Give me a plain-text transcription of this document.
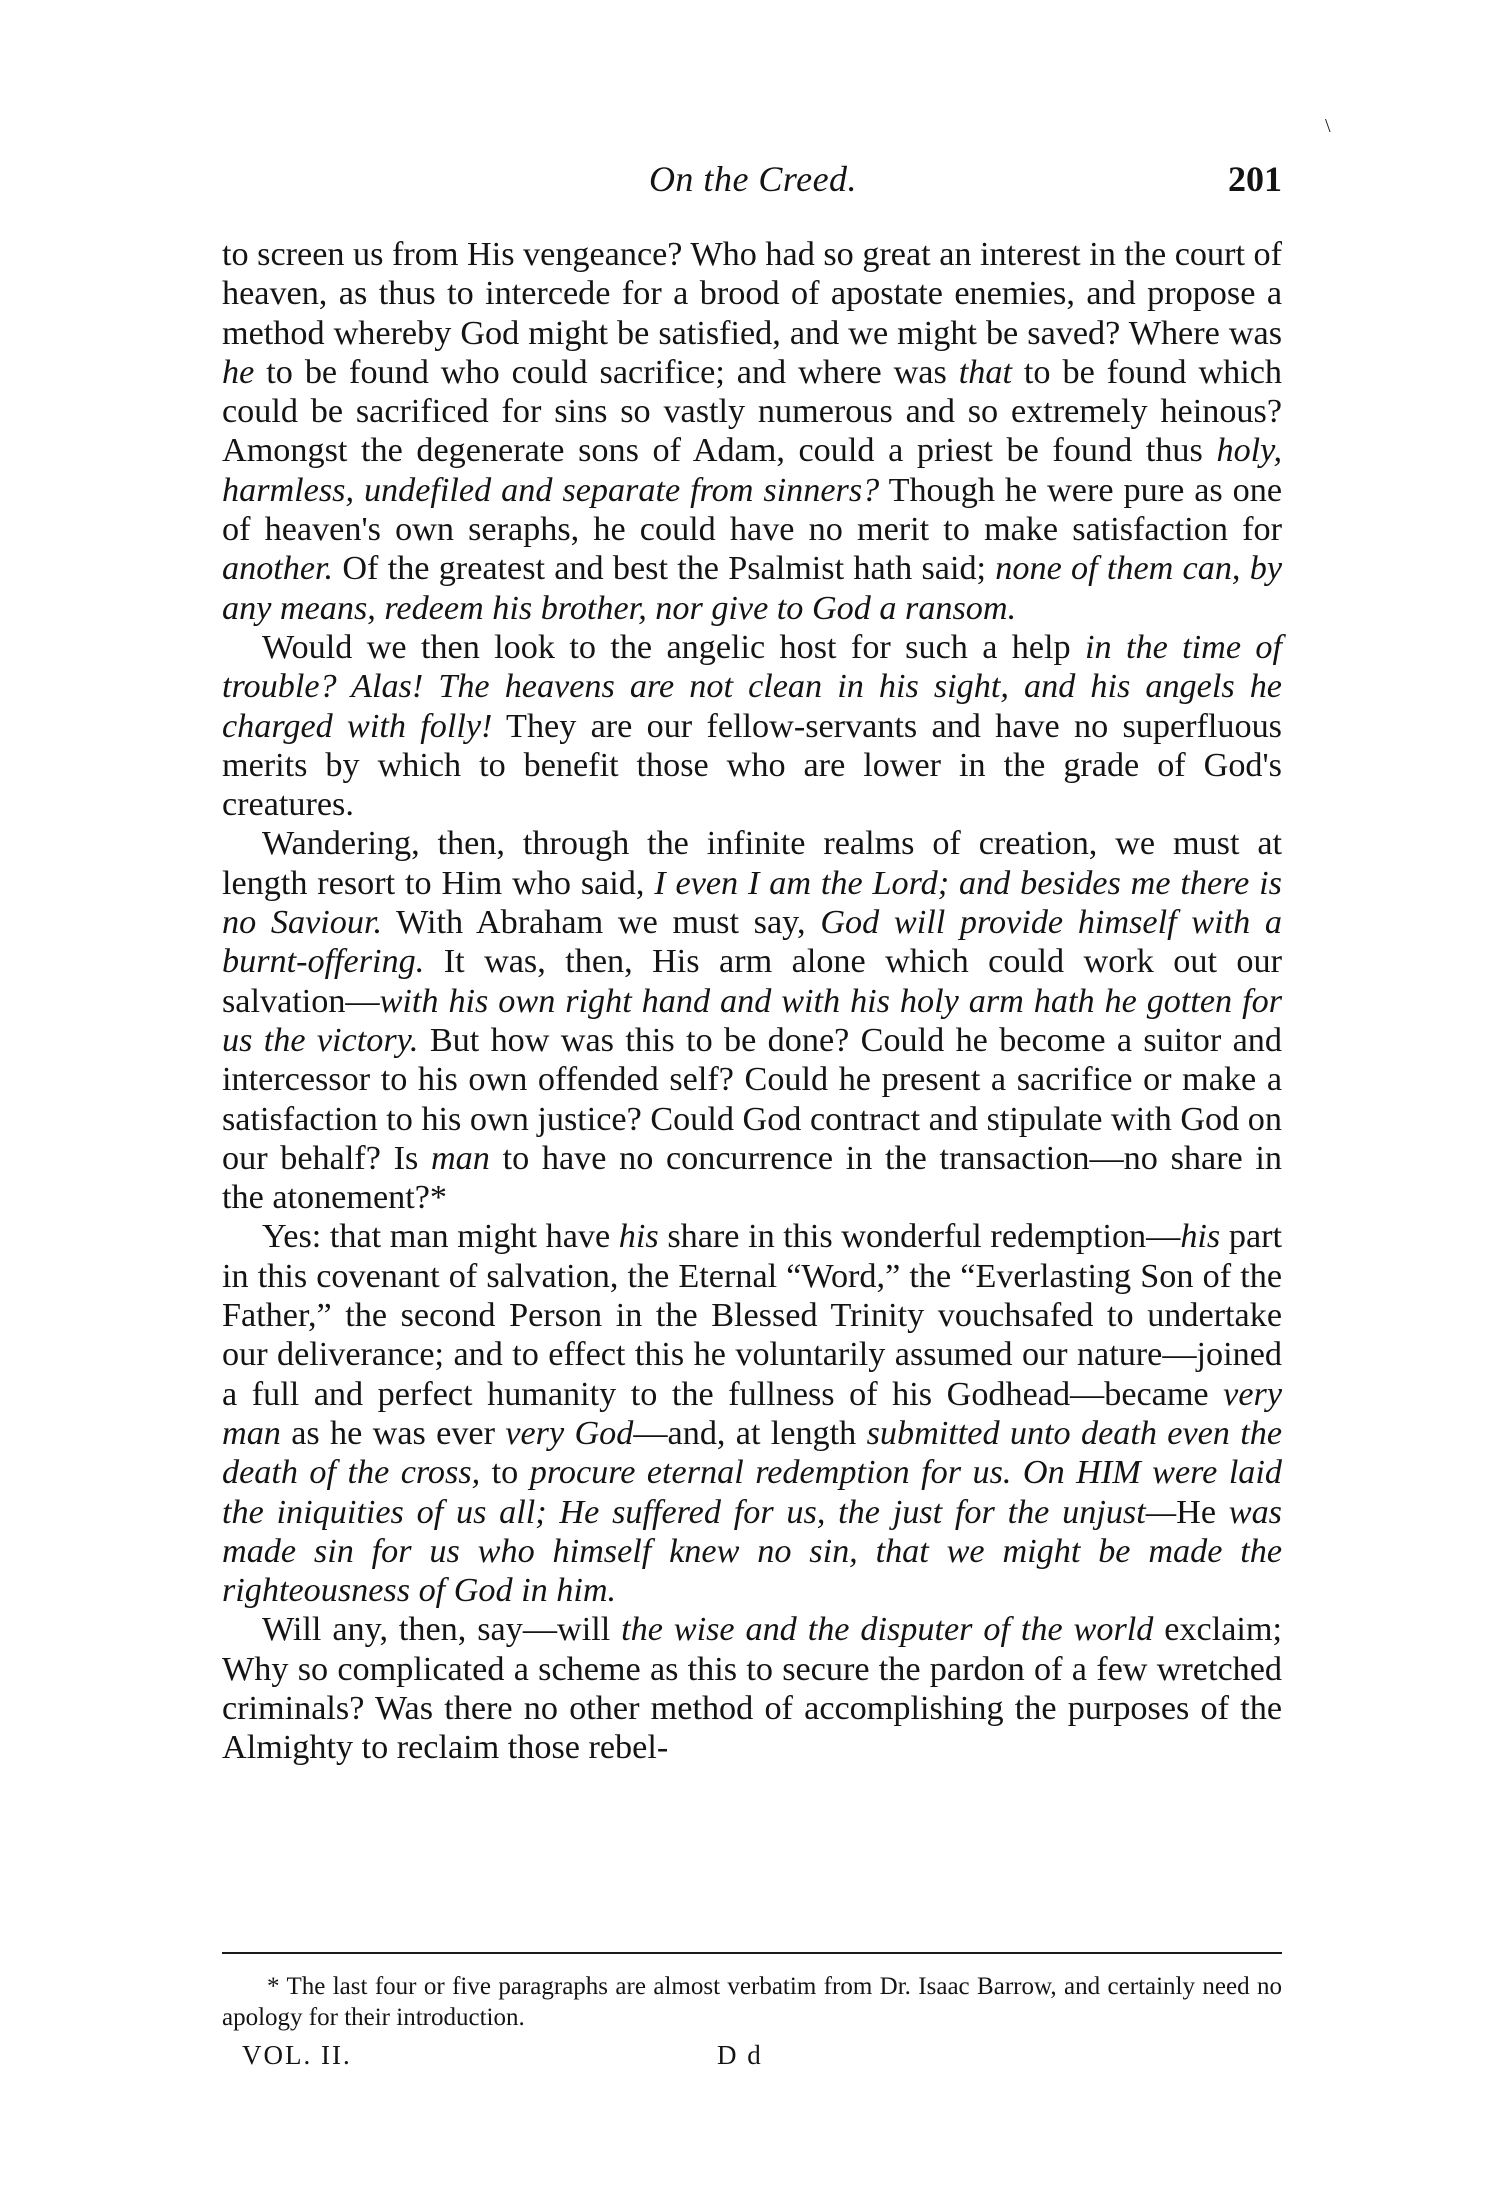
\
On the Creed.	201

to screen us from His vengeance? Who had so great an interest in the court of heaven, as thus to intercede for a brood of apostate enemies, and propose a method whereby God might be satisfied, and we might be saved? Where was he to be found who could sacrifice; and where was that to be found which could be sacrificed for sins so vastly numerous and so extremely heinous? Amongst the degenerate sons of Adam, could a priest be found thus holy, harmless, undefiled and separate from sinners? Though he were pure as one of heaven's own seraphs, he could have no merit to make satisfaction for another. Of the greatest and best the Psalmist hath said; none of them can, by any means, redeem his brother, nor give to God a ransom.

Would we then look to the angelic host for such a help in the time of trouble? Alas! The heavens are not clean in his sight, and his angels he charged with folly! They are our fellow-servants and have no superfluous merits by which to benefit those who are lower in the grade of God's creatures.

Wandering, then, through the infinite realms of creation, we must at length resort to Him who said, I even I am the Lord; and besides me there is no Saviour. With Abraham we must say, God will provide himself with a burnt-offering. It was, then, His arm alone which could work out our salvation—with his own right hand and with his holy arm hath he gotten for us the victory. But how was this to be done? Could he become a suitor and intercessor to his own offended self? Could he present a sacrifice or make a satisfaction to his own justice? Could God contract and stipulate with God on our behalf? Is man to have no concurrence in the transaction—no share in the atonement?*

Yes: that man might have his share in this wonderful redemption—his part in this covenant of salvation, the Eternal “Word,” the “Everlasting Son of the Father,” the second Person in the Blessed Trinity vouchsafed to undertake our deliverance; and to effect this he voluntarily assumed our nature—joined a full and perfect humanity to the fullness of his Godhead—became very man as he was ever very God—and, at length submitted unto death even the death of the cross, to procure eternal redemption for us. On HIM were laid the iniquities of us all; He suffered for us, the just for the unjust—He was made sin for us who himself knew no sin, that we might be made the righteousness of God in him.

Will any, then, say—will the wise and the disputer of the world exclaim; Why so complicated a scheme as this to secure the pardon of a few wretched criminals? Was there no other method of accomplishing the purposes of the Almighty to reclaim those rebel-

* The last four or five paragraphs are almost verbatim from Dr. Isaac Barrow, and certainly need no apology for their introduction.
VOL. II.	D d
